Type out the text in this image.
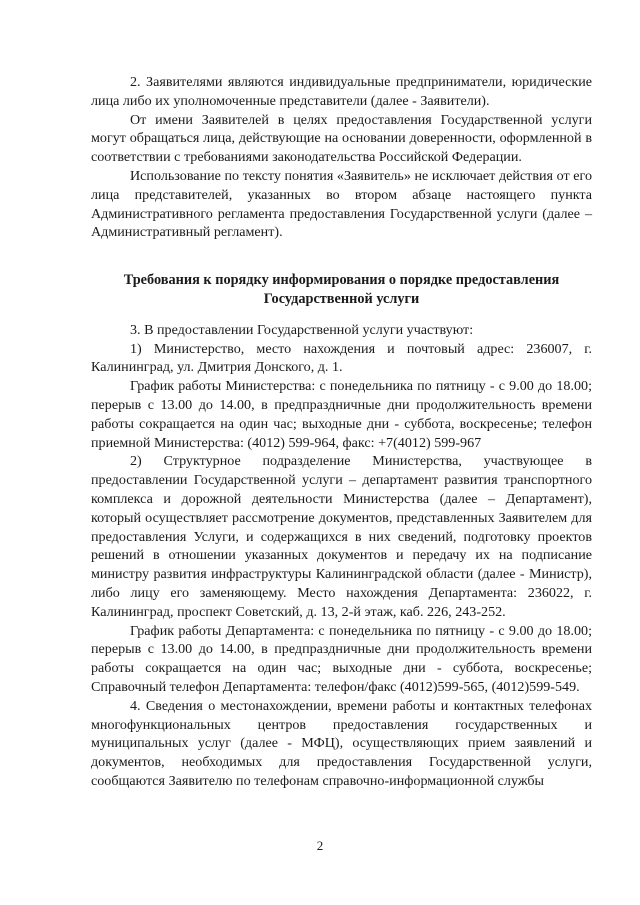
2. Заявителями являются индивидуальные предприниматели, юридические лица либо их уполномоченные представители (далее - Заявители).

От имени Заявителей в целях предоставления Государственной услуги могут обращаться лица, действующие на основании доверенности, оформленной в соответствии с требованиями законодательства Российской Федерации.

Использование по тексту понятия «Заявитель» не исключает действия от его лица представителей, указанных во втором абзаце настоящего пункта Административного регламента предоставления Государственной услуги (далее – Административный регламент).

Требования к порядку информирования о порядке предоставления Государственной услуги

3. В предоставлении Государственной услуги участвуют:

1) Министерство, место нахождения и почтовый адрес: 236007, г. Калининград, ул. Дмитрия Донского, д. 1.

График работы Министерства: с понедельника по пятницу - с 9.00 до 18.00; перерыв с 13.00 до 14.00, в предпраздничные дни продолжительность времени работы сокращается на один час; выходные дни - суббота, воскресенье; телефон приемной Министерства: (4012) 599-964, факс: +7(4012) 599-967

2) Структурное подразделение Министерства, участвующее в предоставлении Государственной услуги – департамент развития транспортного комплекса и дорожной деятельности Министерства (далее – Департамент), который осуществляет рассмотрение документов, представленных Заявителем для предоставления Услуги, и содержащихся в них сведений, подготовку проектов решений в отношении указанных документов и передачу их на подписание министру развития инфраструктуры Калининградской области (далее - Министр), либо лицу его заменяющему. Место нахождения Департамента: 236022, г. Калининград, проспект Советский, д. 13, 2-й этаж, каб. 226, 243-252.

График работы Департамента: с понедельника по пятницу - с 9.00 до 18.00; перерыв с 13.00 до 14.00, в предпраздничные дни продолжительность времени работы сокращается на один час; выходные дни - суббота, воскресенье; Справочный телефон Департамента: телефон/факс (4012)599-565, (4012)599-549.

4. Сведения о местонахождении, времени работы и контактных телефонах многофункциональных центров предоставления государственных и муниципальных услуг (далее - МФЦ), осуществляющих прием заявлений и документов, необходимых для предоставления Государственной услуги, сообщаются Заявителю по телефонам справочно-информационной службы

2
